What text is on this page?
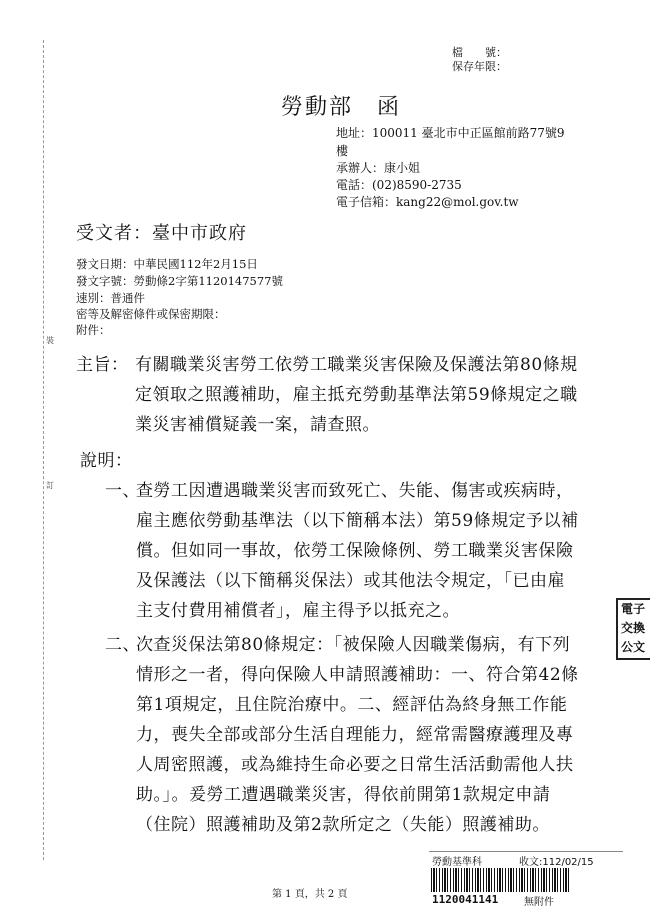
裝
訂
檔　　號：
保存年限：
勞動部　函
地址：100011 臺北市中正區館前路77號9
樓
承辦人：康小姐
電話：(02)8590-2735
電子信箱：kang22@mol.gov.tw
受文者：臺中市政府
發文日期：中華民國112年2月15日
發文字號：勞動條2字第1120147577號
速別：普通件
密等及解密條件或保密期限：
附件：
主旨： 有關職業災害勞工依勞工職業災害保險及保護法第80條規
定領取之照護補助，雇主抵充勞動基準法第59條規定之職
業災害補償疑義一案，請查照。
說明：
一、
查勞工因遭遇職業災害而致死亡、失能、傷害或疾病時，
雇主應依勞動基準法（以下簡稱本法）第59條規定予以補
償。但如同一事故，依勞工保險條例、勞工職業災害保險
及保護法（以下簡稱災保法）或其他法令規定，「已由雇
主支付費用補償者」，雇主得予以抵充之。
二、
次查災保法第80條規定：「被保險人因職業傷病，有下列
情形之一者，得向保險人申請照護補助：一、符合第42條
第1項規定，且住院治療中。二、經評估為終身無工作能
力，喪失全部或部分生活自理能力，經常需醫療護理及專
人周密照護，或為維持生命必要之日常生活活動需他人扶
助。」。爰勞工遭遇職業災害，得依前開第1款規定申請
（住院）照護補助及第2款所定之（失能）照護補助。
電子
交換
公文
勞動基準科	收文:112/02/15
1120041141	無附件
第 1 頁，共 2 頁
